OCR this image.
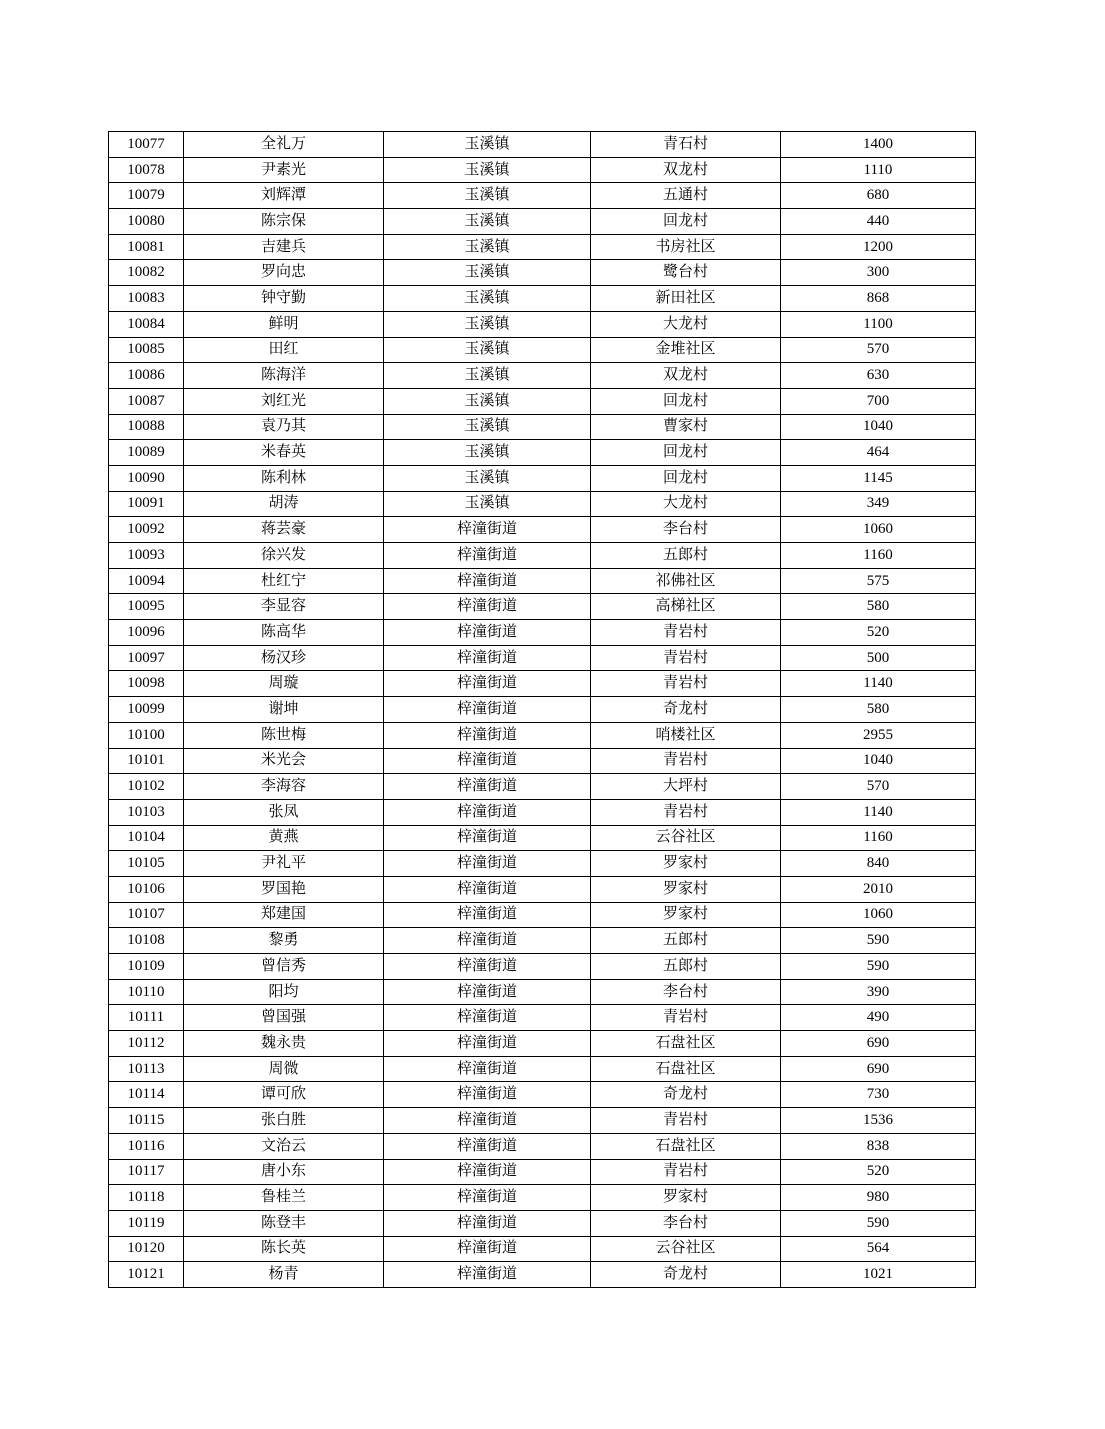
10077	全礼万	玉溪镇	青石村	1400
10078	尹素光	玉溪镇	双龙村	1110
10079	刘辉潭	玉溪镇	五通村	680
10080	陈宗保	玉溪镇	回龙村	440
10081	吉建兵	玉溪镇	书房社区	1200
10082	罗向忠	玉溪镇	鹭台村	300
10083	钟守勤	玉溪镇	新田社区	868
10084	鲜明	玉溪镇	大龙村	1100
10085	田红	玉溪镇	金堆社区	570
10086	陈海洋	玉溪镇	双龙村	630
10087	刘红光	玉溪镇	回龙村	700
10088	袁乃其	玉溪镇	曹家村	1040
10089	米春英	玉溪镇	回龙村	464
10090	陈利林	玉溪镇	回龙村	1145
10091	胡涛	玉溪镇	大龙村	349
10092	蒋芸豪	梓潼街道	李台村	1060
10093	徐兴发	梓潼街道	五郎村	1160
10094	杜红宁	梓潼街道	祁佛社区	575
10095	李显容	梓潼街道	高梯社区	580
10096	陈高华	梓潼街道	青岩村	520
10097	杨汉珍	梓潼街道	青岩村	500
10098	周璇	梓潼街道	青岩村	1140
10099	谢坤	梓潼街道	奇龙村	580
10100	陈世梅	梓潼街道	哨楼社区	2955
10101	米光会	梓潼街道	青岩村	1040
10102	李海容	梓潼街道	大坪村	570
10103	张凤	梓潼街道	青岩村	1140
10104	黄燕	梓潼街道	云谷社区	1160
10105	尹礼平	梓潼街道	罗家村	840
10106	罗国艳	梓潼街道	罗家村	2010
10107	郑建国	梓潼街道	罗家村	1060
10108	黎勇	梓潼街道	五郎村	590
10109	曾信秀	梓潼街道	五郎村	590
10110	阳均	梓潼街道	李台村	390
10111	曾国强	梓潼街道	青岩村	490
10112	魏永贵	梓潼街道	石盘社区	690
10113	周微	梓潼街道	石盘社区	690
10114	谭可欣	梓潼街道	奇龙村	730
10115	张白胜	梓潼街道	青岩村	1536
10116	文治云	梓潼街道	石盘社区	838
10117	唐小东	梓潼街道	青岩村	520
10118	鲁桂兰	梓潼街道	罗家村	980
10119	陈登丰	梓潼街道	李台村	590
10120	陈长英	梓潼街道	云谷社区	564
10121	杨青	梓潼街道	奇龙村	1021
